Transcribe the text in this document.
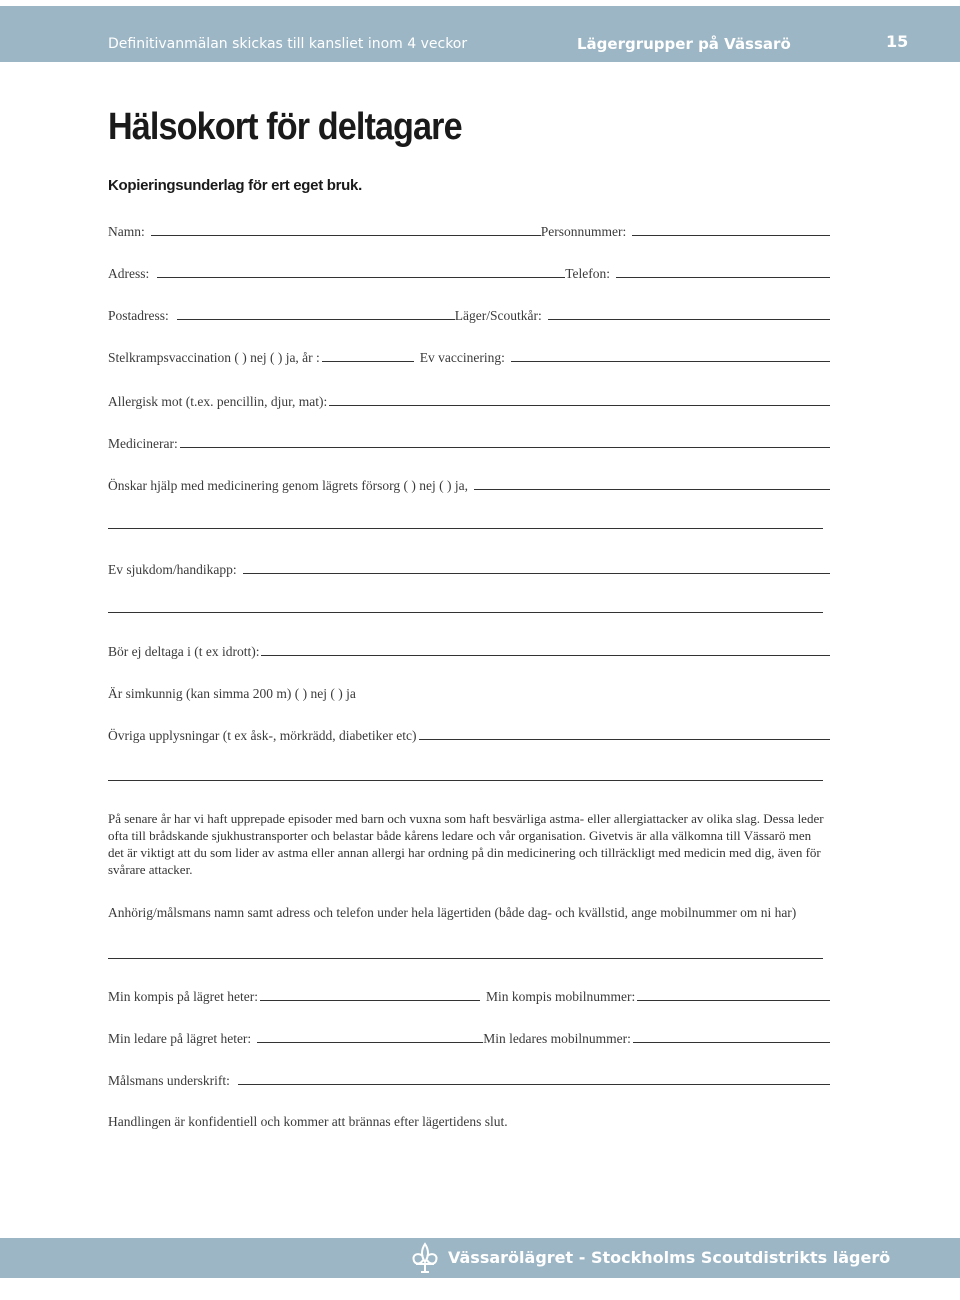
Definitivanmälan skickas till kansliet inom 4 veckor	Lägergrupper på Vässarö	15
Hälsokort för deltagare
Kopieringsunderlag för ert eget bruk.
Namn:	Personnummer:
Adress:	Telefon:
Postadress:	Läger/Scoutkår:
Stelkrampsvaccination ( ) nej ( ) ja, år :	Ev vaccinering:
Allergisk mot (t.ex. pencillin, djur, mat):
Medicinerar:
Önskar hjälp med medicinering genom lägrets försorg ( ) nej ( ) ja,
Ev sjukdom/handikapp:
Bör ej deltaga i (t ex idrott):
Är simkunnig (kan simma 200 m) ( ) nej ( ) ja
Övriga upplysningar (t ex åsk-, mörkrädd, diabetiker etc)
På senare år har vi haft upprepade episoder med barn och vuxna som haft besvärliga astma- eller allergiattacker av olika slag. Dessa leder ofta till brådskande sjukhustransporter och belastar både kårens ledare och vår organisation. Givetvis är alla välkomna till Vässarö men det är viktigt att du som lider av astma eller annan allergi har ordning på din medicinering och tillräckligt med medicin med dig, även för svårare attacker.
Anhörig/målsmans namn samt adress och telefon under hela lägertiden (både dag- och kvällstid, ange mobilnummer om ni har)
Min kompis på lägret heter:	Min kompis mobilnummer:
Min ledare på lägret heter:	Min ledares mobilnummer:
Målsmans underskrift:
Handlingen är konfidentiell och kommer att brännas efter lägertidens slut.
Vässarölägret - Stockholms Scoutdistrikts lägerö
